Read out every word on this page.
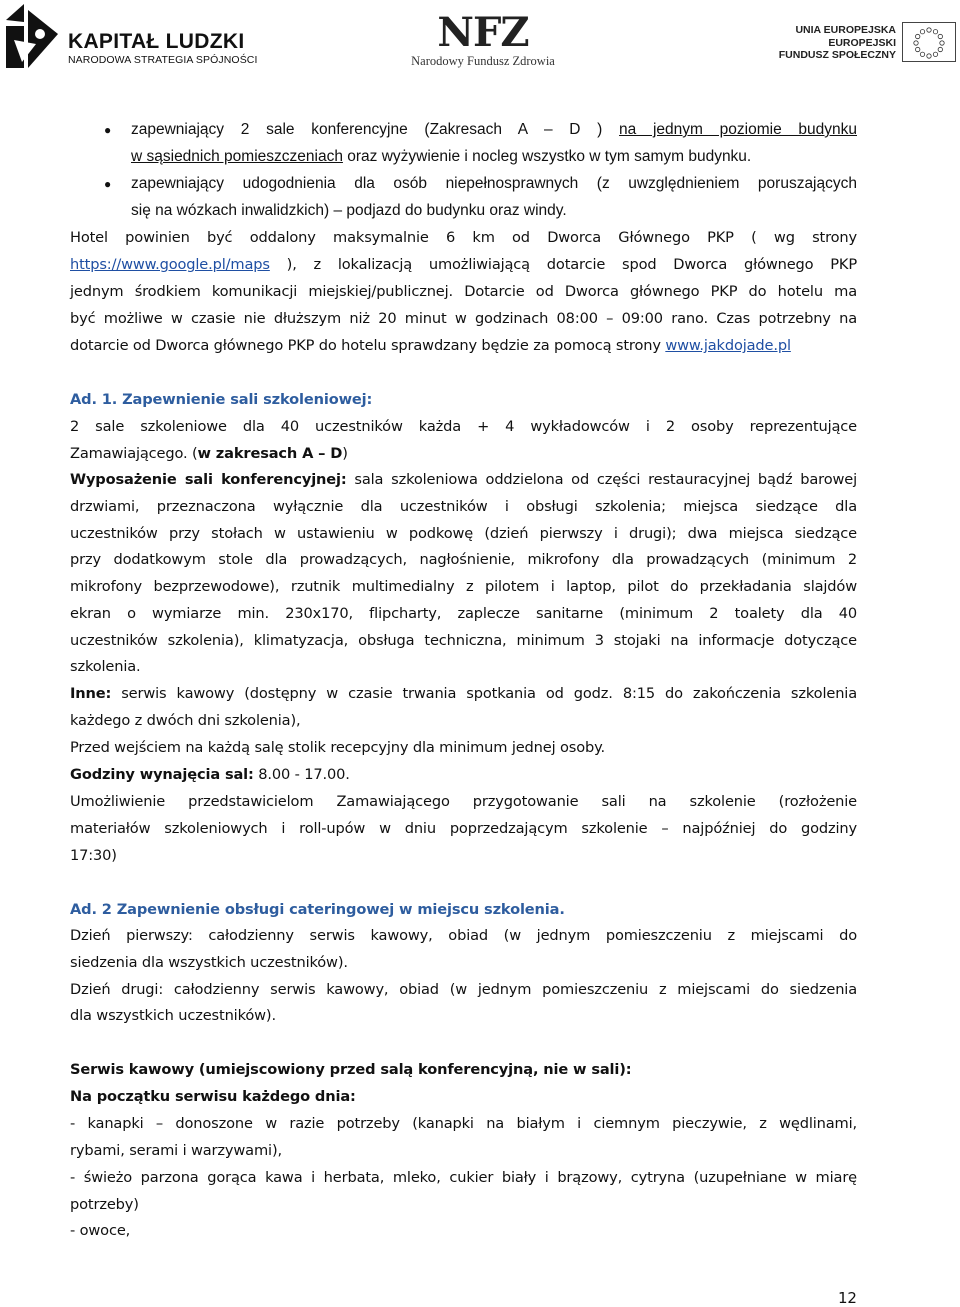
KAPITAŁ LUDZKI
NARODOWA STRATEGIA SPÓJNOŚCI
NFZ
Narodowy Fundusz Zdrowia
UNIA EUROPEJSKA
EUROPEJSKI
FUNDUSZ SPOŁECZNY
● zapewniający 2 sale konferencyjne (Zakresach A – D ) na jednym poziomie budynku
w sąsiednich pomieszczeniach oraz wyżywienie i nocleg wszystko w tym samym budynku.
● zapewniający udogodnienia dla osób niepełnosprawnych (z uwzględnieniem poruszających
się na wózkach inwalidzkich) – podjazd do budynku oraz windy.
Hotel powinien być oddalony maksymalnie 6 km od Dworca Głównego PKP ( wg strony
https://www.google.pl/maps ), z lokalizacją umożliwiającą dotarcie spod Dworca głównego PKP
jednym środkiem komunikacji miejskiej/publicznej. Dotarcie od Dworca głównego PKP do hotelu ma
być możliwe w czasie nie dłuższym niż 20 minut w godzinach 08:00 – 09:00 rano. Czas potrzebny na
dotarcie od Dworca głównego PKP do hotelu sprawdzany będzie za pomocą strony www.jakdojade.pl
Ad. 1. Zapewnienie sali szkoleniowej:
2 sale szkoleniowe dla 40 uczestników każda + 4 wykładowców i 2 osoby reprezentujące
Zamawiającego. (w zakresach A – D)
Wyposażenie sali konferencyjnej: sala szkoleniowa oddzielona od części restauracyjnej bądź barowej
drzwiami, przeznaczona wyłącznie dla uczestników i obsługi szkolenia; miejsca siedzące dla
uczestników przy stołach w ustawieniu w podkowę (dzień pierwszy i drugi); dwa miejsca siedzące
przy dodatkowym stole dla prowadzących, nagłośnienie, mikrofony dla prowadzących (minimum 2
mikrofony bezprzewodowe), rzutnik multimedialny z pilotem i laptop, pilot do przekładania slajdów
ekran o wymiarze min. 230x170, flipcharty, zaplecze sanitarne (minimum 2 toalety dla 40
uczestników szkolenia), klimatyzacja, obsługa techniczna, minimum 3 stojaki na informacje dotyczące
szkolenia.
Inne: serwis kawowy (dostępny w czasie trwania spotkania od godz. 8:15 do zakończenia szkolenia
każdego z dwóch dni szkolenia),
Przed wejściem na każdą salę stolik recepcyjny dla minimum jednej osoby.
Godziny wynajęcia sal: 8.00 - 17.00.
Umożliwienie przedstawicielom Zamawiającego przygotowanie sali na szkolenie (rozłożenie
materiałów szkoleniowych i roll-upów w dniu poprzedzającym szkolenie – najpóźniej do godziny
17:30)
Ad. 2 Zapewnienie obsługi cateringowej w miejscu szkolenia.
Dzień pierwszy: całodzienny serwis kawowy, obiad (w jednym pomieszczeniu z miejscami do
siedzenia dla wszystkich uczestników).
Dzień drugi: całodzienny serwis kawowy, obiad (w jednym pomieszczeniu z miejscami do siedzenia
dla wszystkich uczestników).
Serwis kawowy (umiejscowiony przed salą konferencyjną, nie w sali):
Na początku serwisu każdego dnia:
- kanapki – donoszone w razie potrzeby (kanapki na białym i ciemnym pieczywie, z wędlinami,
rybami, serami i warzywami),
- świeżo parzona gorąca kawa i herbata, mleko, cukier biały i brązowy, cytryna (uzupełniane w miarę
potrzeby)
- owoce,
12
